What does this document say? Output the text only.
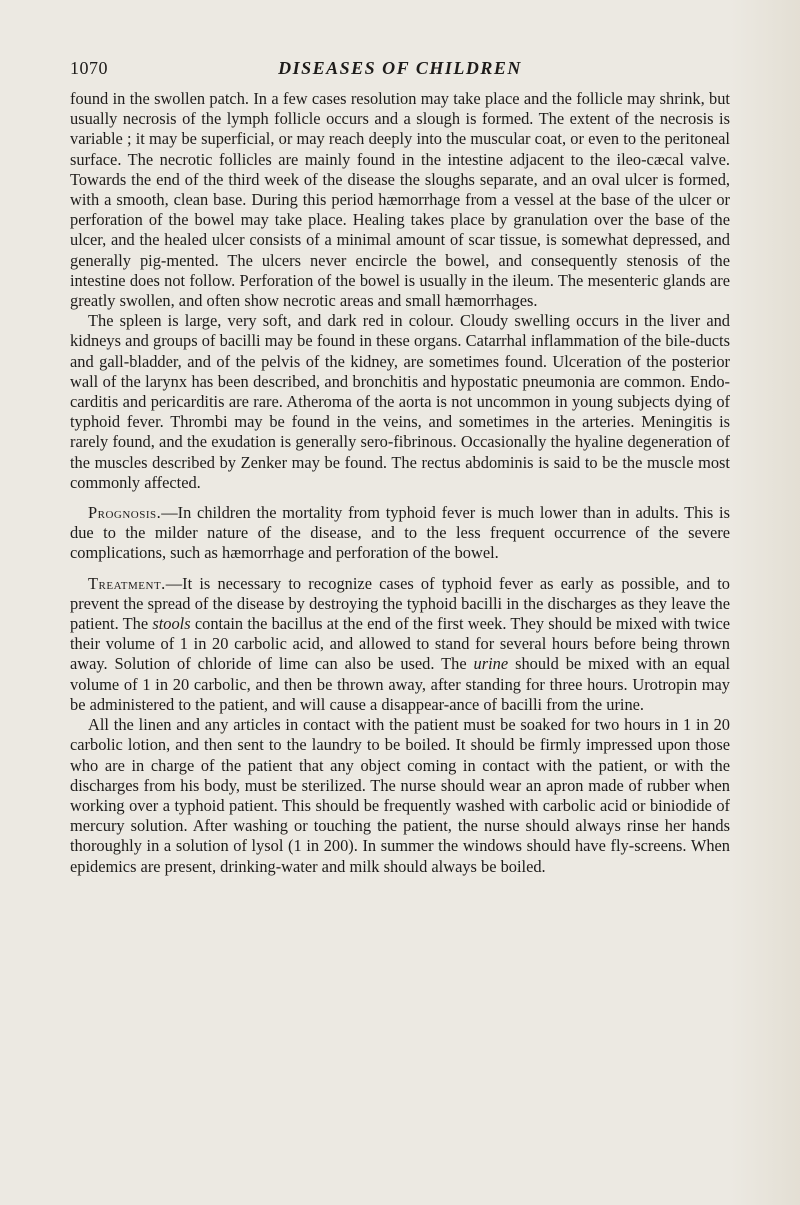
1070	DISEASES OF CHILDREN

found in the swollen patch. In a few cases resolution may take place and the follicle may shrink, but usually necrosis of the lymph follicle occurs and a slough is formed. The extent of the necrosis is variable ; it may be superficial, or may reach deeply into the muscular coat, or even to the peritoneal surface. The necrotic follicles are mainly found in the intestine adjacent to the ileo-cæcal valve. Towards the end of the third week of the disease the sloughs separate, and an oval ulcer is formed, with a smooth, clean base. During this period hæmorrhage from a vessel at the base of the ulcer or perforation of the bowel may take place. Healing takes place by granulation over the base of the ulcer, and the healed ulcer consists of a minimal amount of scar tissue, is somewhat depressed, and generally pig-mented. The ulcers never encircle the bowel, and consequently stenosis of the intestine does not follow. Perforation of the bowel is usually in the ileum. The mesenteric glands are greatly swollen, and often show necrotic areas and small hæmorrhages.

The spleen is large, very soft, and dark red in colour. Cloudy swelling occurs in the liver and kidneys and groups of bacilli may be found in these organs. Catarrhal inflammation of the bile-ducts and gall-bladder, and of the pelvis of the kidney, are sometimes found. Ulceration of the posterior wall of the larynx has been described, and bronchitis and hypostatic pneumonia are common. Endo-carditis and pericarditis are rare. Atheroma of the aorta is not uncommon in young subjects dying of typhoid fever. Thrombi may be found in the veins, and sometimes in the arteries. Meningitis is rarely found, and the exudation is generally sero-fibrinous. Occasionally the hyaline degeneration of the muscles described by Zenker may be found. The rectus abdominis is said to be the muscle most commonly affected.

Prognosis.—In children the mortality from typhoid fever is much lower than in adults. This is due to the milder nature of the disease, and to the less frequent occurrence of the severe complications, such as hæmorrhage and perforation of the bowel.

Treatment.—It is necessary to recognize cases of typhoid fever as early as possible, and to prevent the spread of the disease by destroying the typhoid bacilli in the discharges as they leave the patient. The stools contain the bacillus at the end of the first week. They should be mixed with twice their volume of 1 in 20 carbolic acid, and allowed to stand for several hours before being thrown away. Solution of chloride of lime can also be used. The urine should be mixed with an equal volume of 1 in 20 carbolic, and then be thrown away, after standing for three hours. Urotropin may be administered to the patient, and will cause a disappear-ance of bacilli from the urine.

All the linen and any articles in contact with the patient must be soaked for two hours in 1 in 20 carbolic lotion, and then sent to the laundry to be boiled. It should be firmly impressed upon those who are in charge of the patient that any object coming in contact with the patient, or with the discharges from his body, must be sterilized. The nurse should wear an apron made of rubber when working over a typhoid patient. This should be frequently washed with carbolic acid or biniodide of mercury solution. After washing or touching the patient, the nurse should always rinse her hands thoroughly in a solution of lysol (1 in 200). In summer the windows should have fly-screens. When epidemics are present, drinking-water and milk should always be boiled.
